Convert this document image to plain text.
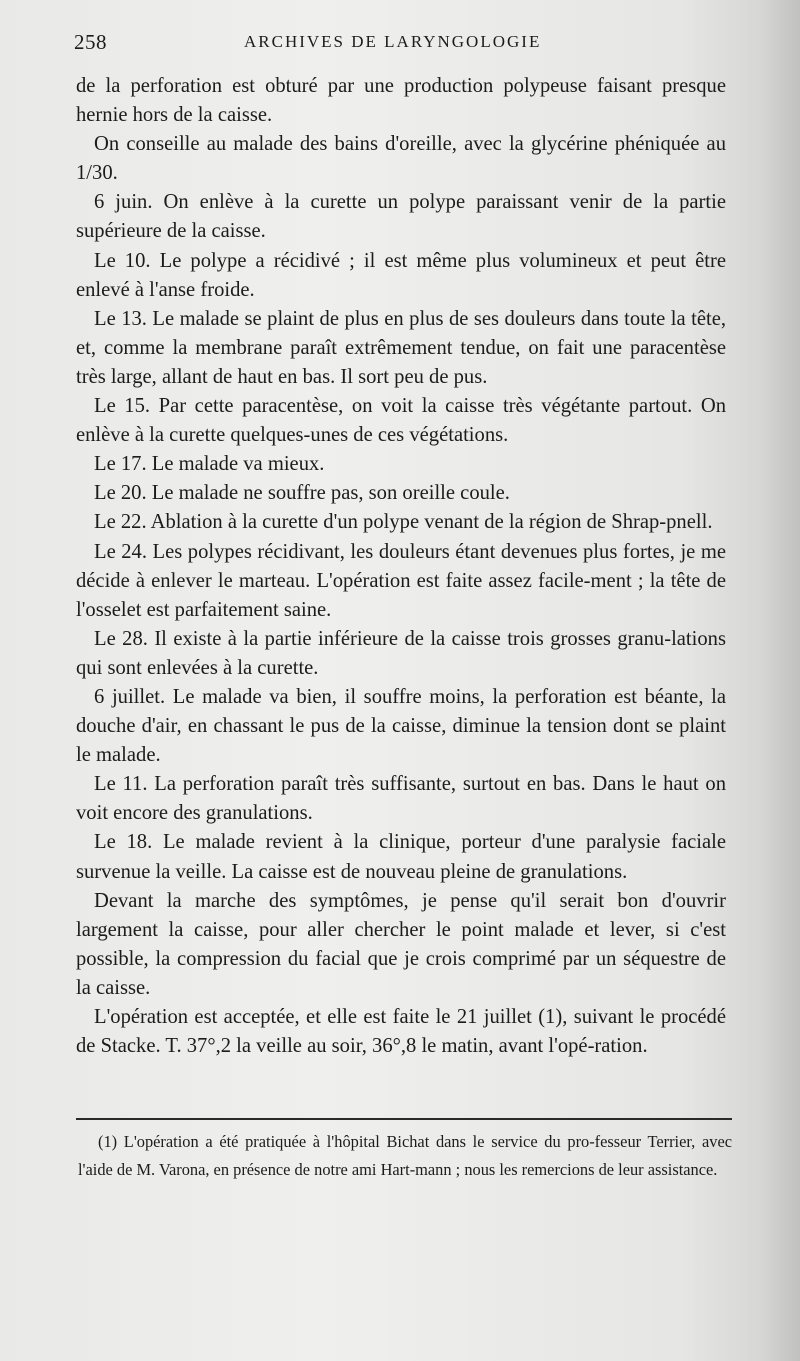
258	ARCHIVES DE LARYNGOLOGIE

de la perforation est obturé par une production polypeuse faisant presque hernie hors de la caisse.

On conseille au malade des bains d'oreille, avec la glycérine phéniquée au 1/30.

6 juin. On enlève à la curette un polype paraissant venir de la partie supérieure de la caisse.

Le 10. Le polype a récidivé ; il est même plus volumineux et peut être enlevé à l'anse froide.

Le 13. Le malade se plaint de plus en plus de ses douleurs dans toute la tête, et, comme la membrane paraît extrêmement tendue, on fait une paracentèse très large, allant de haut en bas. Il sort peu de pus.

Le 15. Par cette paracentèse, on voit la caisse très végétante partout. On enlève à la curette quelques-unes de ces végétations.

Le 17. Le malade va mieux.

Le 20. Le malade ne souffre pas, son oreille coule.

Le 22. Ablation à la curette d'un polype venant de la région de Shrap-pnell.

Le 24. Les polypes récidivant, les douleurs étant devenues plus fortes, je me décide à enlever le marteau. L'opération est faite assez facile-ment ; la tête de l'osselet est parfaitement saine.

Le 28. Il existe à la partie inférieure de la caisse trois grosses granu-lations qui sont enlevées à la curette.

6 juillet. Le malade va bien, il souffre moins, la perforation est béante, la douche d'air, en chassant le pus de la caisse, diminue la tension dont se plaint le malade.

Le 11. La perforation paraît très suffisante, surtout en bas. Dans le haut on voit encore des granulations.

Le 18. Le malade revient à la clinique, porteur d'une paralysie faciale survenue la veille. La caisse est de nouveau pleine de granulations.

Devant la marche des symptômes, je pense qu'il serait bon d'ouvrir largement la caisse, pour aller chercher le point malade et lever, si c'est possible, la compression du facial que je crois comprimé par un séquestre de la caisse.

L'opération est acceptée, et elle est faite le 21 juillet (1), suivant le procédé de Stacke. T. 37°,2 la veille au soir, 36°,8 le matin, avant l'opé-ration.

(1) L'opération a été pratiquée à l'hôpital Bichat dans le service du pro-fesseur Terrier, avec l'aide de M. Varona, en présence de notre ami Hart-mann ; nous les remercions de leur assistance.
